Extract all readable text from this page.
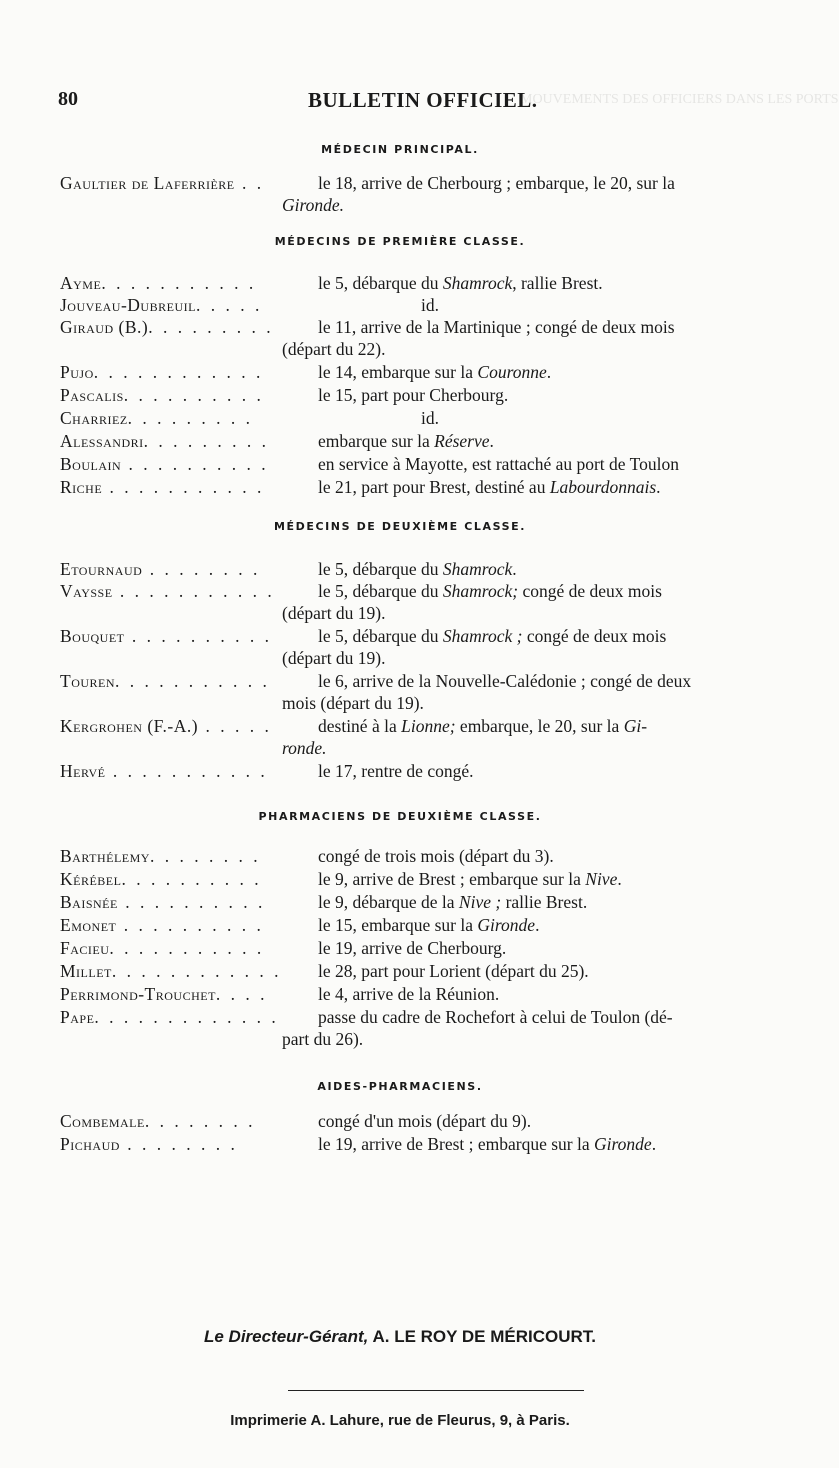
MOUVEMENTS DES OFFICIERS DANS LES PORTS
80	BULLETIN OFFICIEL.
MÉDECIN PRINCIPAL.
Gaultier de Laferrière . .	le 18, arrive de Cherbourg ; embarque, le 20, sur la
Gironde.
MÉDECINS DE PREMIÈRE CLASSE.
Ayme. . . . . . . . . . .	le 5, débarque du Shamrock, rallie Brest.
Jouveau-Dubreuil. . . . .	id.
Giraud (B.). . . . . . . . .	le 11, arrive de la Martinique ; congé de deux mois
(départ du 22).
Pujo. . . . . . . . . . . .	le 14, embarque sur la Couronne.
Pascalis. . . . . . . . . .	le 15, part pour Cherbourg.
Charriez. . . . . . . . .	id.
Alessandri. . . . . . . . .	embarque sur la Réserve.
Boulain . . . . . . . . . .	en service à Mayotte, est rattaché au port de Toulon
Riche . . . . . . . . . . .	le 21, part pour Brest, destiné au Labourdonnais.
MÉDECINS DE DEUXIÈME CLASSE.
Etournaud . . . . . . . .	le 5, débarque du Shamrock.
Vaysse . . . . . . . . . . .	le 5, débarque du Shamrock; congé de deux mois
(départ du 19).
Bouquet . . . . . . . . . .	le 5, débarque du Shamrock ; congé de deux mois
(départ du 19).
Touren. . . . . . . . . . .	le 6, arrive de la Nouvelle-Calédonie ; congé de deux
mois (départ du 19).
Kergrohen (F.-A.) . . . . .	destiné à la Lionne; embarque, le 20, sur la Gi-
ronde.
Hervé . . . . . . . . . . .	le 17, rentre de congé.
PHARMACIENS DE DEUXIÈME CLASSE.
Barthélemy. . . . . . . .	congé de trois mois (départ du 3).
Kérébel. . . . . . . . . .	le 9, arrive de Brest ; embarque sur la Nive.
Baisnée . . . . . . . . . .	le 9, débarque de la Nive ; rallie Brest.
Emonet . . . . . . . . . .	le 15, embarque sur la Gironde.
Facieu. . . . . . . . . . .	le 19, arrive de Cherbourg.
Millet. . . . . . . . . . . .	le 28, part pour Lorient (départ du 25).
Perrimond-Trouchet. . . .	le 4, arrive de la Réunion.
Pape. . . . . . . . . . . . .	passe du cadre de Rochefort à celui de Toulon (dé-
part du 26).
AIDES-PHARMACIENS.
Combemale. . . . . . . .	congé d'un mois (départ du 9).
Pichaud . . . . . . . .	le 19, arrive de Brest ; embarque sur la Gironde.
Le Directeur-Gérant, A. LE ROY DE MÉRICOURT.
Imprimerie A. Lahure, rue de Fleurus, 9, à Paris.
